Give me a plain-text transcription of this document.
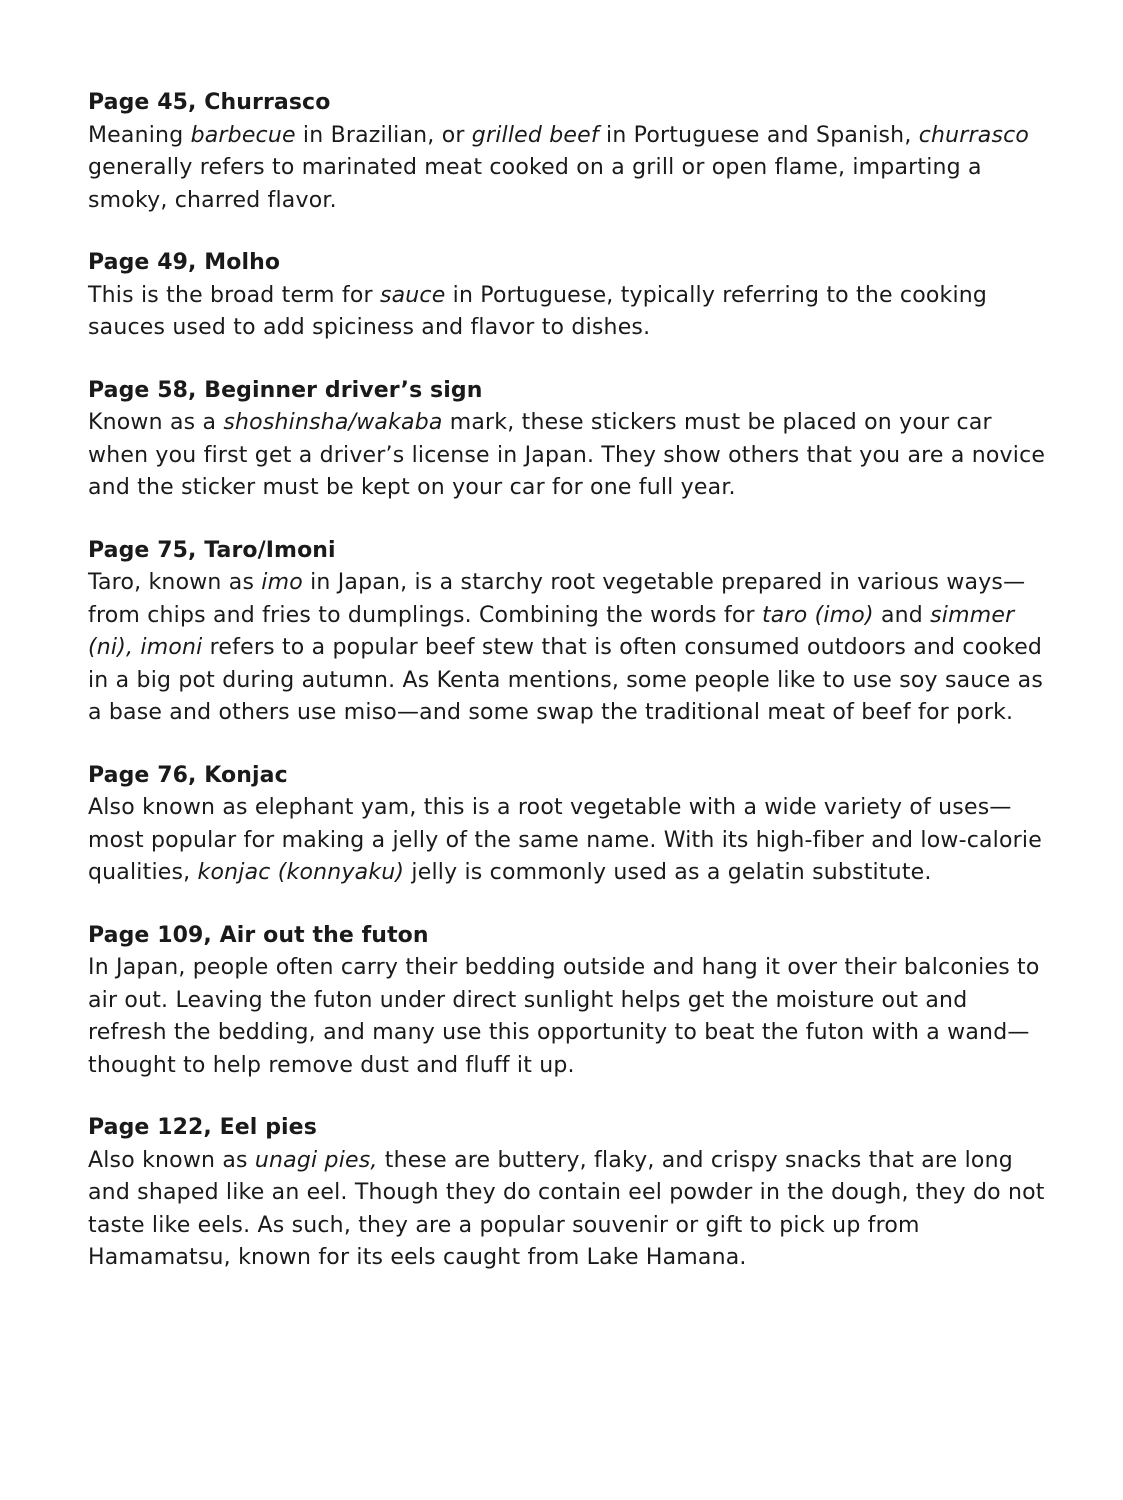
Page 45, Churrasco

Meaning barbecue in Brazilian, or grilled beef in Portuguese and Spanish, churrasco generally refers to marinated meat cooked on a grill or open flame, imparting a smoky, charred flavor.

Page 49, Molho

This is the broad term for sauce in Portuguese, typically referring to the cooking sauces used to add spiciness and flavor to dishes.

Page 58, Beginner driver’s sign

Known as a shoshinsha/wakaba mark, these stickers must be placed on your car when you first get a driver’s license in Japan. They show others that you are a novice and the sticker must be kept on your car for one full year.

Page 75, Taro/Imoni

Taro, known as imo in Japan, is a starchy root vegetable prepared in various ways—from chips and fries to dumplings. Combining the words for taro (imo) and simmer (ni), imoni refers to a popular beef stew that is often consumed outdoors and cooked in a big pot during autumn. As Kenta mentions, some people like to use soy sauce as a base and others use miso—and some swap the traditional meat of beef for pork.

Page 76, Konjac

Also known as elephant yam, this is a root vegetable with a wide variety of uses—most popular for making a jelly of the same name. With its high-fiber and low-calorie qualities, konjac (konnyaku) jelly is commonly used as a gelatin substitute.

Page 109, Air out the futon

In Japan, people often carry their bedding outside and hang it over their balconies to air out. Leaving the futon under direct sunlight helps get the moisture out and refresh the bedding, and many use this opportunity to beat the futon with a wand—thought to help remove dust and fluff it up.

Page 122, Eel pies

Also known as unagi pies, these are buttery, flaky, and crispy snacks that are long and shaped like an eel. Though they do contain eel powder in the dough, they do not taste like eels. As such, they are a popular souvenir or gift to pick up from Hamamatsu, known for its eels caught from Lake Hamana.
